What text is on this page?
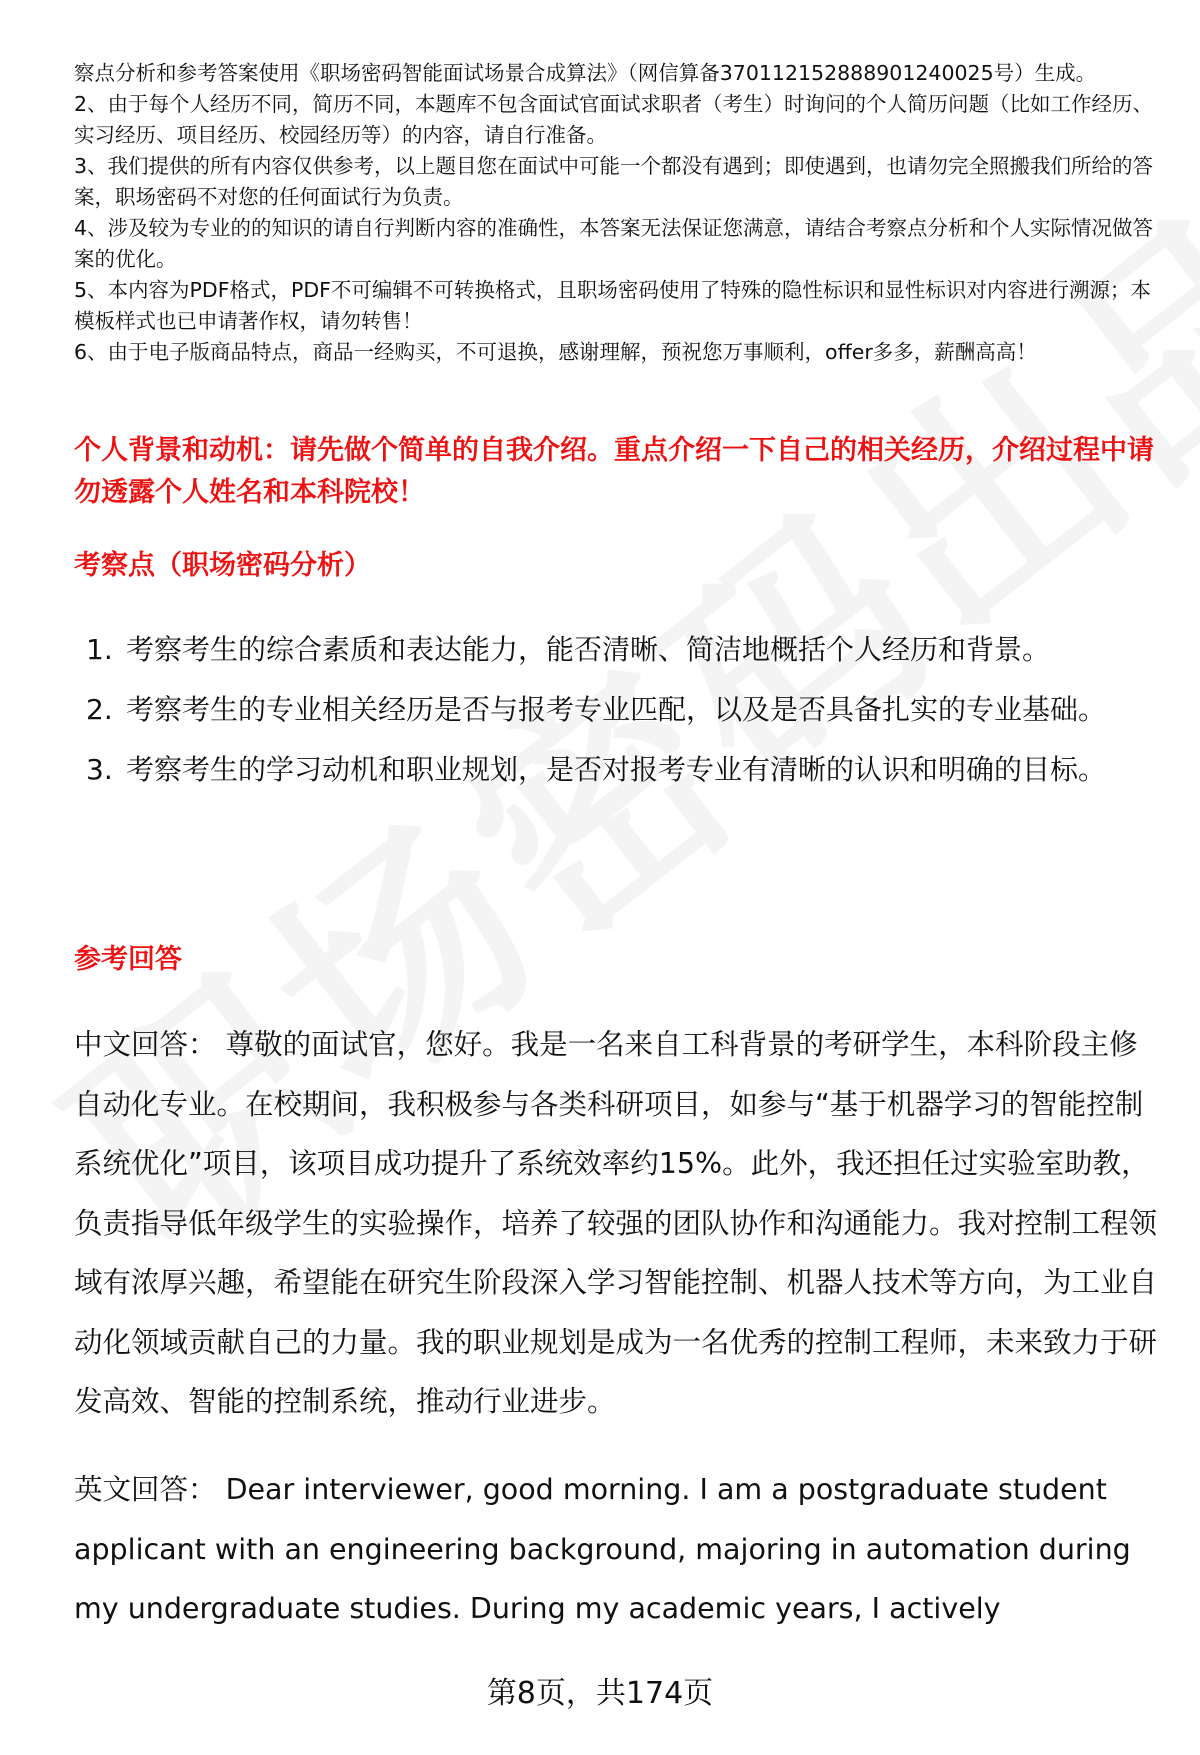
察点分析和参考答案使用《职场密码智能面试场景合成算法》（网信算备370112152888901240025号）生成。

2、由于每个人经历不同，简历不同，本题库不包含面试官面试求职者（考生）时询问的个人简历问题（比如工作经历、实习经历、项目经历、校园经历等）的内容，请自行准备。

3、我们提供的所有内容仅供参考，以上题目您在面试中可能一个都没有遇到；即使遇到，也请勿完全照搬我们所给的答案，职场密码不对您的任何面试行为负责。

4、涉及较为专业的的知识的请自行判断内容的准确性，本答案无法保证您满意，请结合考察点分析和个人实际情况做答案的优化。

5、本内容为PDF格式，PDF不可编辑不可转换格式，且职场密码使用了特殊的隐性标识和显性标识对内容进行溯源；本模板样式也已申请著作权，请勿转售！

6、由于电子版商品特点，商品一经购买，不可退换，感谢理解，预祝您万事顺利，offer多多，薪酬高高！

个人背景和动机：请先做个简单的自我介绍。重点介绍一下自己的相关经历，介绍过程中请勿透露个人姓名和本科院校！
考察点（职场密码分析）
1. 考察考生的综合素质和表达能力，能否清晰、简洁地概括个人经历和背景。
2. 考察考生的专业相关经历是否与报考专业匹配，以及是否具备扎实的专业基础。
3. 考察考生的学习动机和职业规划，是否对报考专业有清晰的认识和明确的目标。
参考回答

中文回答： 尊敬的面试官，您好。我是一名来自工科背景的考研学生，本科阶段主修自动化专业。在校期间，我积极参与各类科研项目，如参与“基于机器学习的智能控制系统优化”项目，该项目成功提升了系统效率约15%。此外，我还担任过实验室助教，负责指导低年级学生的实验操作，培养了较强的团队协作和沟通能力。我对控制工程领域有浓厚兴趣，希望能在研究生阶段深入学习智能控制、机器人技术等方向，为工业自动化领域贡献自己的力量。我的职业规划是成为一名优秀的控制工程师，未来致力于研发高效、智能的控制系统，推动行业进步。

英文回答： Dear interviewer, good morning. I am a postgraduate student applicant with an engineering background, majoring in automation during my undergraduate studies. During my academic years, I actively

第8页，共174页
